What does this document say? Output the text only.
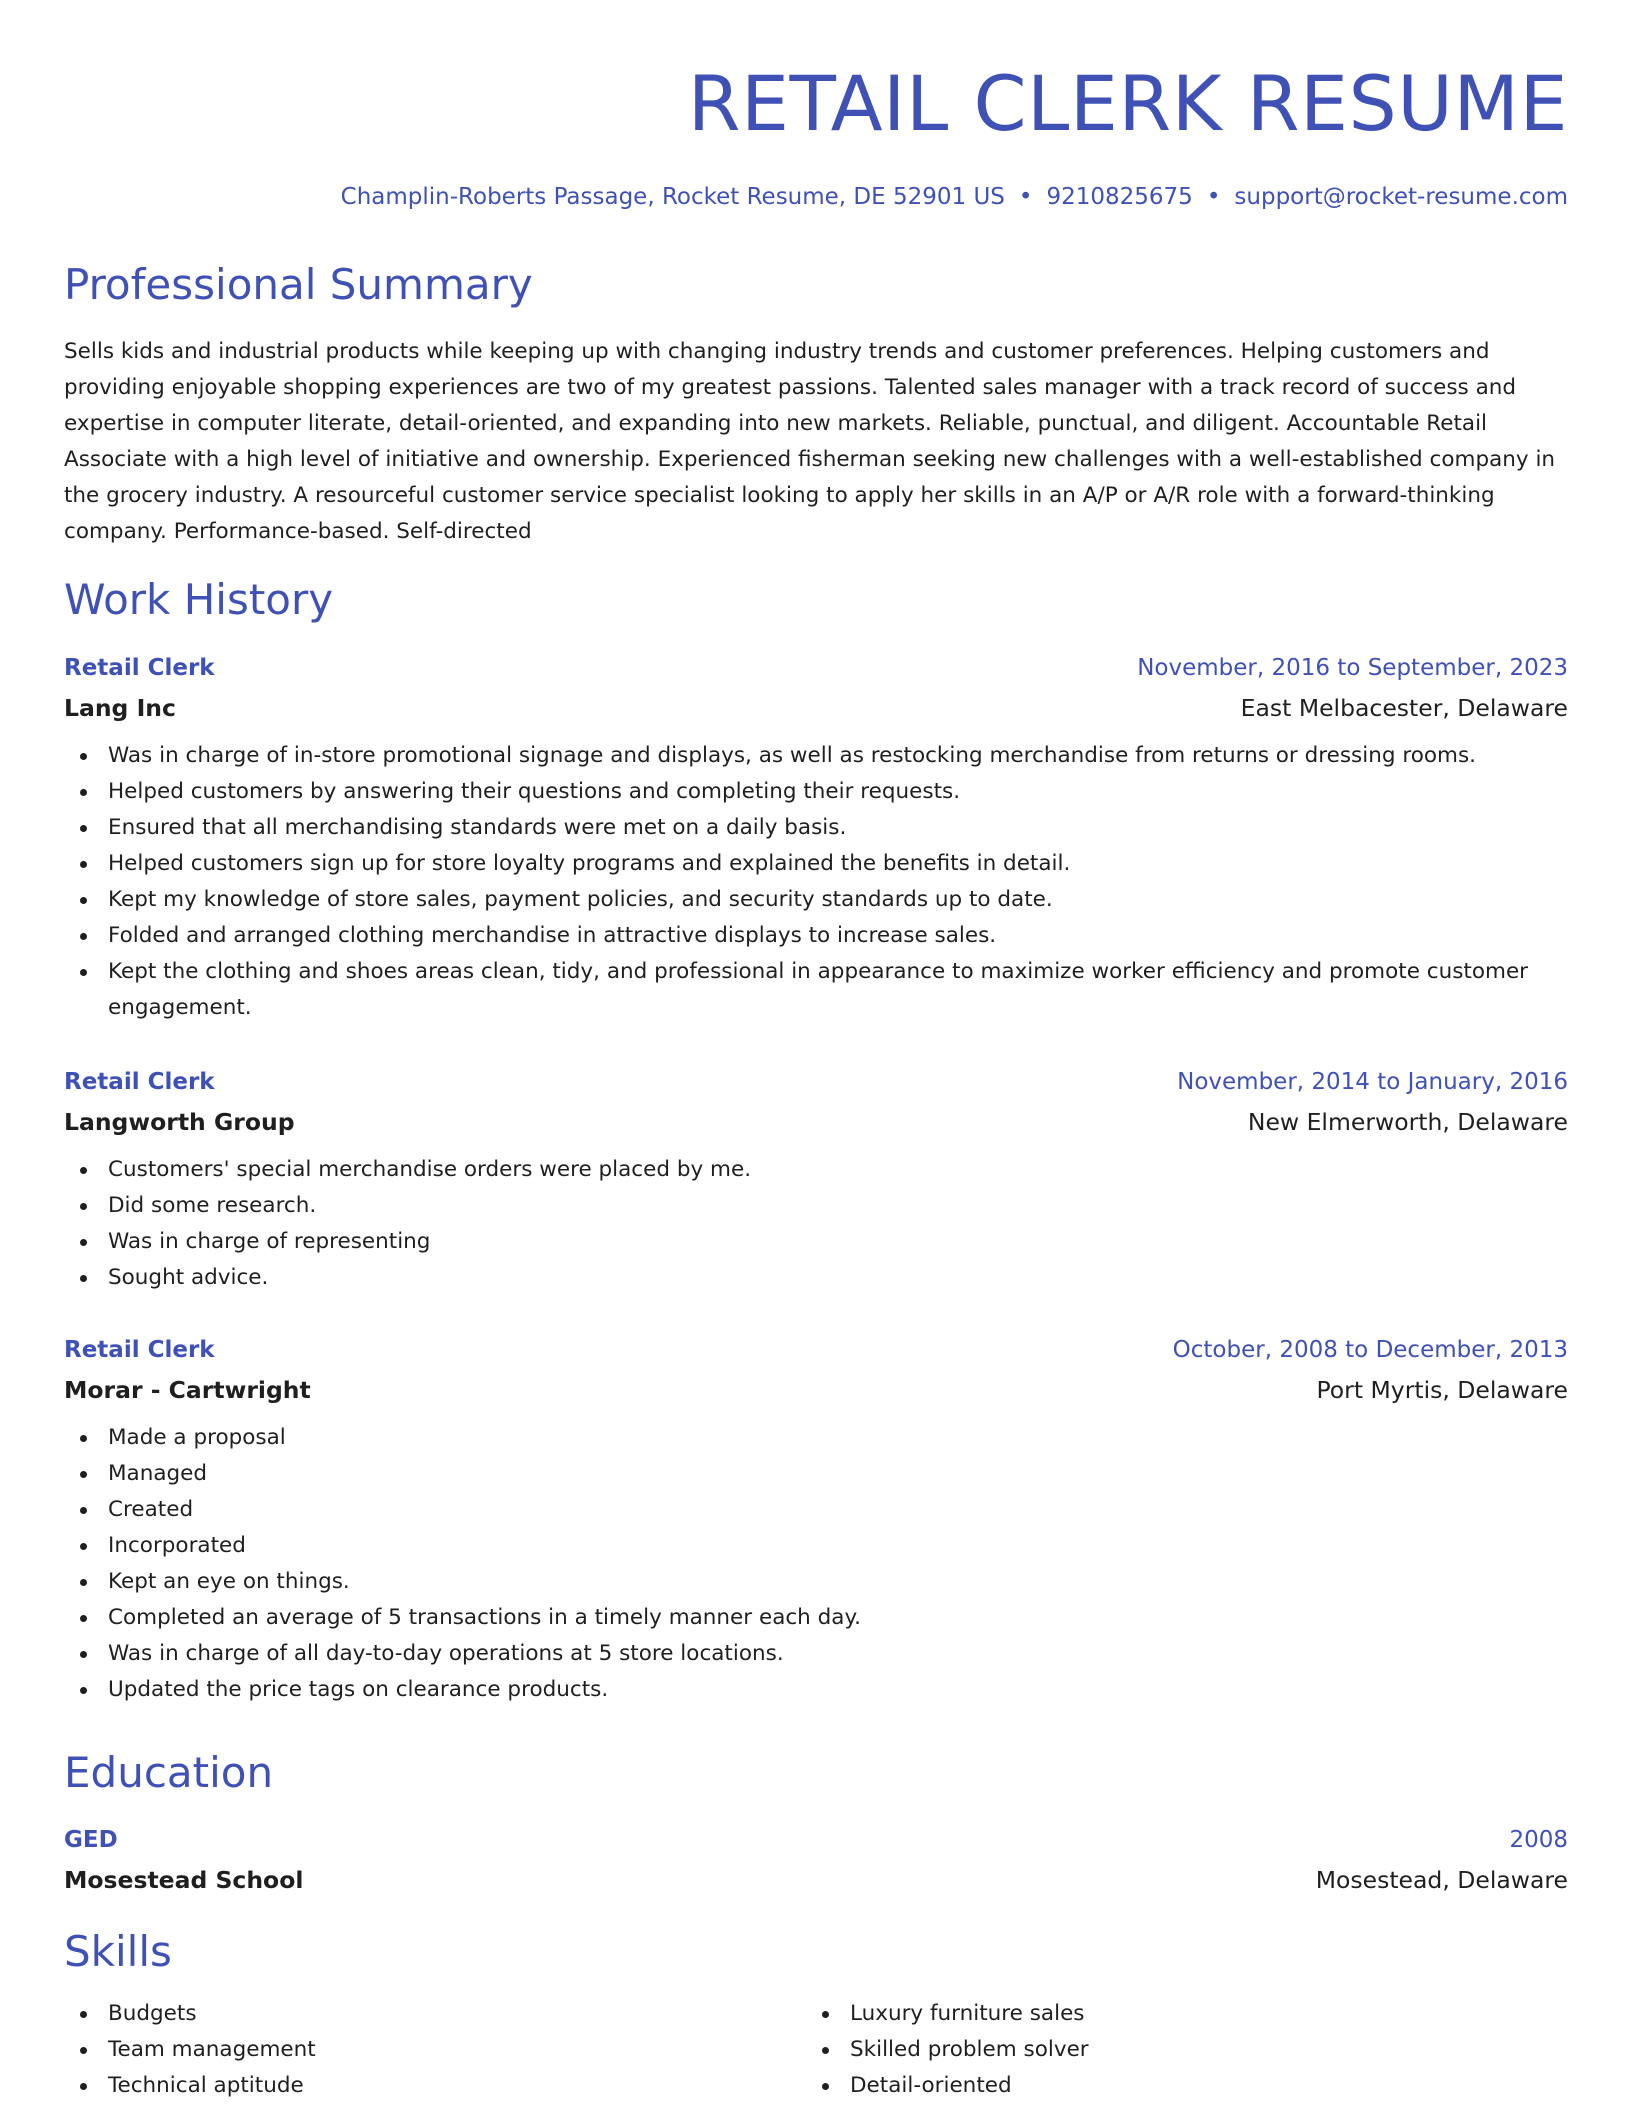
RETAIL CLERK RESUME
Champlin-Roberts Passage, Rocket Resume, DE 52901 US • 9210825675 • support@rocket-resume.com
Professional Summary

Sells kids and industrial products while keeping up with changing industry trends and customer preferences. Helping customers and providing enjoyable shopping experiences are two of my greatest passions. Talented sales manager with a track record of success and expertise in computer literate, detail-oriented, and expanding into new markets. Reliable, punctual, and diligent. Accountable Retail Associate with a high level of initiative and ownership. Experienced fisherman seeking new challenges with a well-established company in the grocery industry. A resourceful customer service specialist looking to apply her skills in an A/P or A/R role with a forward-thinking company. Performance-based. Self-directed

Work History
Retail Clerk	November, 2016 to September, 2023
Lang Inc	East Melbacester, Delaware
Was in charge of in-store promotional signage and displays, as well as restocking merchandise from returns or dressing rooms.
Helped customers by answering their questions and completing their requests.
Ensured that all merchandising standards were met on a daily basis.
Helped customers sign up for store loyalty programs and explained the benefits in detail.
Kept my knowledge of store sales, payment policies, and security standards up to date.
Folded and arranged clothing merchandise in attractive displays to increase sales.
Kept the clothing and shoes areas clean, tidy, and professional in appearance to maximize worker efficiency and promote customer engagement.
Retail Clerk	November, 2014 to January, 2016
Langworth Group	New Elmerworth, Delaware
Customers' special merchandise orders were placed by me.
Did some research.
Was in charge of representing
Sought advice.
Retail Clerk	October, 2008 to December, 2013
Morar - Cartwright	Port Myrtis, Delaware
Made a proposal
Managed
Created
Incorporated
Kept an eye on things.
Completed an average of 5 transactions in a timely manner each day.
Was in charge of all day-to-day operations at 5 store locations.
Updated the price tags on clearance products.
Education
GED	2008
Mosestead School	Mosestead, Delaware
Skills
Budgets
Team management
Technical aptitude
Luxury furniture sales
Skilled problem solver
Detail-oriented
